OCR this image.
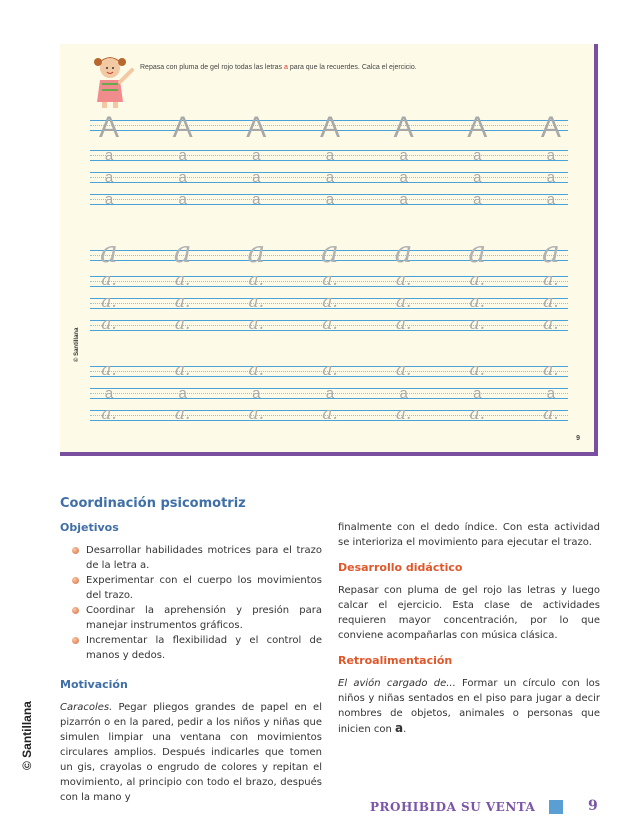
Repasa con pluma de gel rojo todas las letras a para que la recuerdes. Calca el ejercicio.
A A A A A A A
a	a	a	a	a	a	a
a	a	a	a	a	a	a
a	a	a	a	a	a	a
a a a a a a a
a.	a.	a.	a.	a.	a.	a.
a.	a.	a.	a.	a.	a.	a.
a.	a.	a.	a.	a.	a.	a.
a.	a.	a.	a.	a.	a.	a.
a	a	a	a	a	a	a
a.	a.	a.	a.	a.	a.	a.
© Santillana
9
© Santillana
Coordinación psicomotriz
Objetivos
Desarrollar habilidades motrices para el trazo de la letra a.
Experimentar con el cuerpo los movimientos del trazo.
Coordinar la aprehensión y presión para manejar instrumentos gráficos.
Incrementar la flexibilidad y el control de manos y dedos.
Motivación

Caracoles. Pegar pliegos grandes de papel en el pizarrón o en la pared, pedir a los niños y niñas que simulen limpiar una ventana con movimientos circulares amplios. Después indicarles que tomen un gis, crayolas o engrudo de colores y repitan el movimiento, al principio con todo el brazo, después con la mano y

finalmente con el dedo índice. Con esta actividad se interioriza el movimiento para ejecutar el trazo.

Desarrollo didáctico

Repasar con pluma de gel rojo las letras y luego calcar el ejercicio. Esta clase de actividades requieren mayor concentración, por lo que conviene acompañarlas con música clásica.

Retroalimentación

El avión cargado de... Formar un círculo con los niños y niñas sentados en el piso para jugar a decir nombres de objetos, animales o personas que inicien con a.

PROHIBIDA SU VENTA	9
